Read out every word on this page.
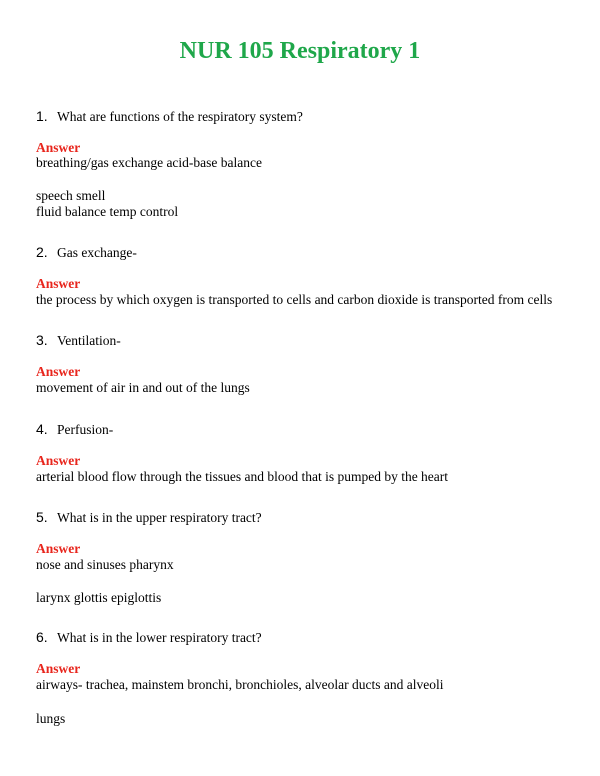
NUR 105 Respiratory 1

1. What are functions of the respiratory system?

Answer

breathing/gas exchange acid-base balance

speech smell

fluid balance temp control

2. Gas exchange-

Answer

the process by which oxygen is transported to cells and carbon dioxide is transported from cells

3. Ventilation-

Answer

movement of air in and out of the lungs

4. Perfusion-

Answer

arterial blood flow through the tissues and blood that is pumped by the heart

5. What is in the upper respiratory tract?

Answer

nose and sinuses pharynx

larynx glottis epiglottis

6. What is in the lower respiratory tract?

Answer

airways- trachea, mainstem bronchi, bronchioles, alveolar ducts and alveoli

lungs
